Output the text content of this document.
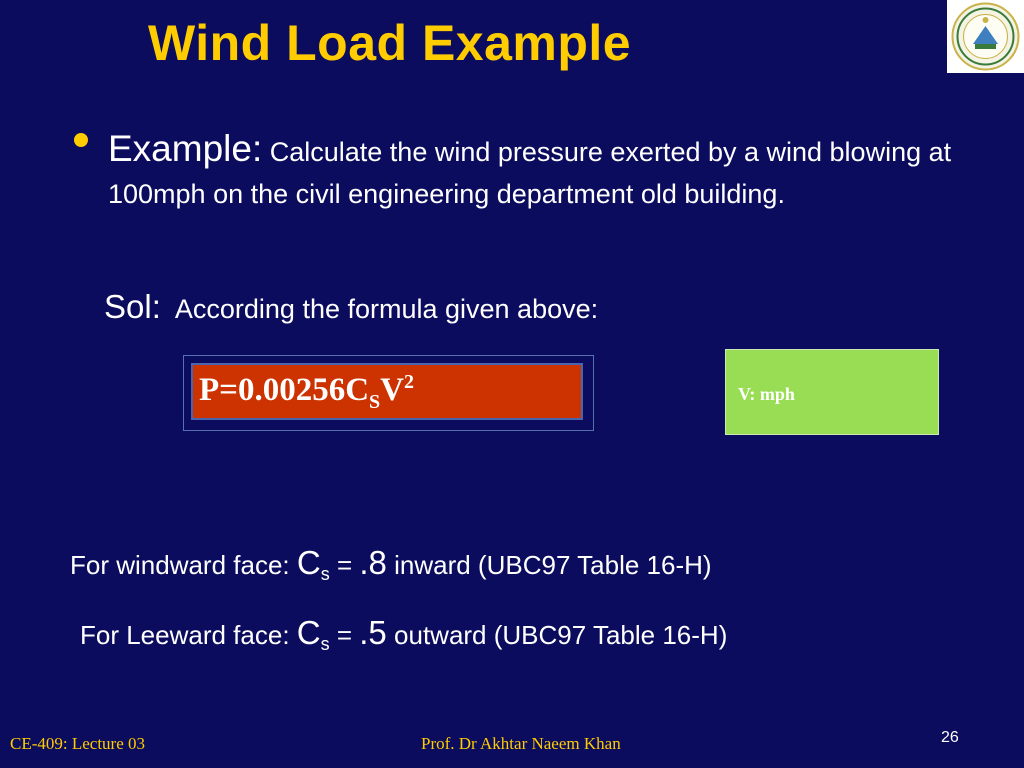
Wind Load Example
Example: Calculate the wind pressure exerted by a wind blowing at 100mph on the civil engineering department old building.
Sol: According the formula given above:
$P=0.00256C_SV^2$
V: mph
For windward face: $C_s = .8$ inward (UBC97 Table 16-H)
For Leeward face: $C_s = .5$ outward (UBC97 Table 16-H)
CE-409: Lecture 03	Prof. Dr Akhtar Naeem Khan	26
